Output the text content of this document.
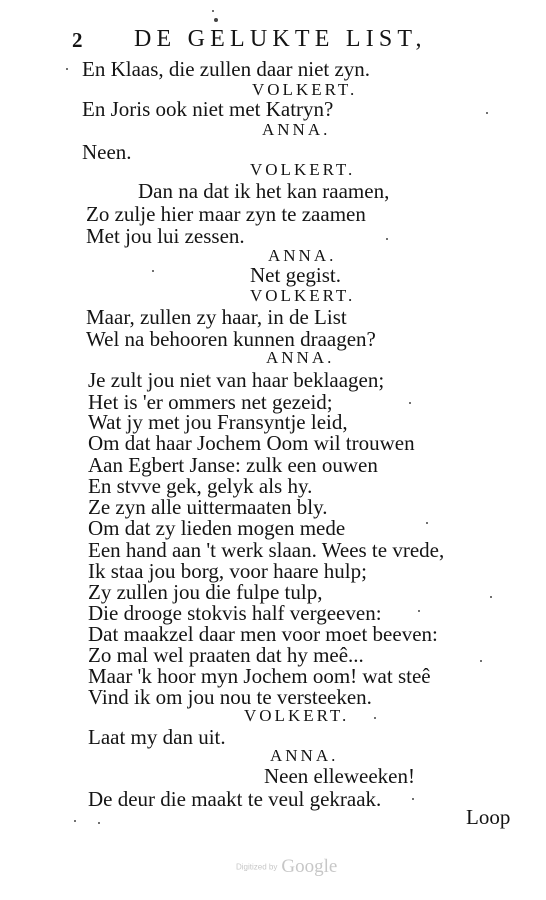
2 DE GELUKTE LIST,
En Klaas, die zullen daar niet zyn.
VOLKERT.
En Joris ook niet met Katryn?
ANNA.
Neen.
VOLKERT.
Dan na dat ik het kan raamen,
Zo zulje hier maar zyn te zaamen
Met jou lui zessen.
ANNA.
Net gegist.
VOLKERT.
Maar, zullen zy haar, in de List
Wel na behooren kunnen draagen?
ANNA.
Je zult jou niet van haar beklaagen;
Het is 'er ommers net gezeid;
Wat jy met jou Fransyntje leid,
Om dat haar Jochem Oom wil trouwen
Aan Egbert Janse: zulk een ouwen
En stvve gek, gelyk als hy.
Ze zyn alle uittermaaten bly.
Om dat zy lieden mogen mede
Een hand aan 't werk slaan. Wees te vrede,
Ik staa jou borg, voor haare hulp;
Zy zullen jou die fulpe tulp,
Die drooge stokvis half vergeeven:
Dat maakzel daar men voor moet beeven:
Zo mal wel praaten dat hy meê...
Maar 'k hoor myn Jochem oom! wat steê
Vind ik om jou nou te versteeken.
VOLKERT.
Laat my dan uit.
ANNA.
Neen elleweeken!
De deur die maakt te veul gekraak.
Loop
Digitized by Google
